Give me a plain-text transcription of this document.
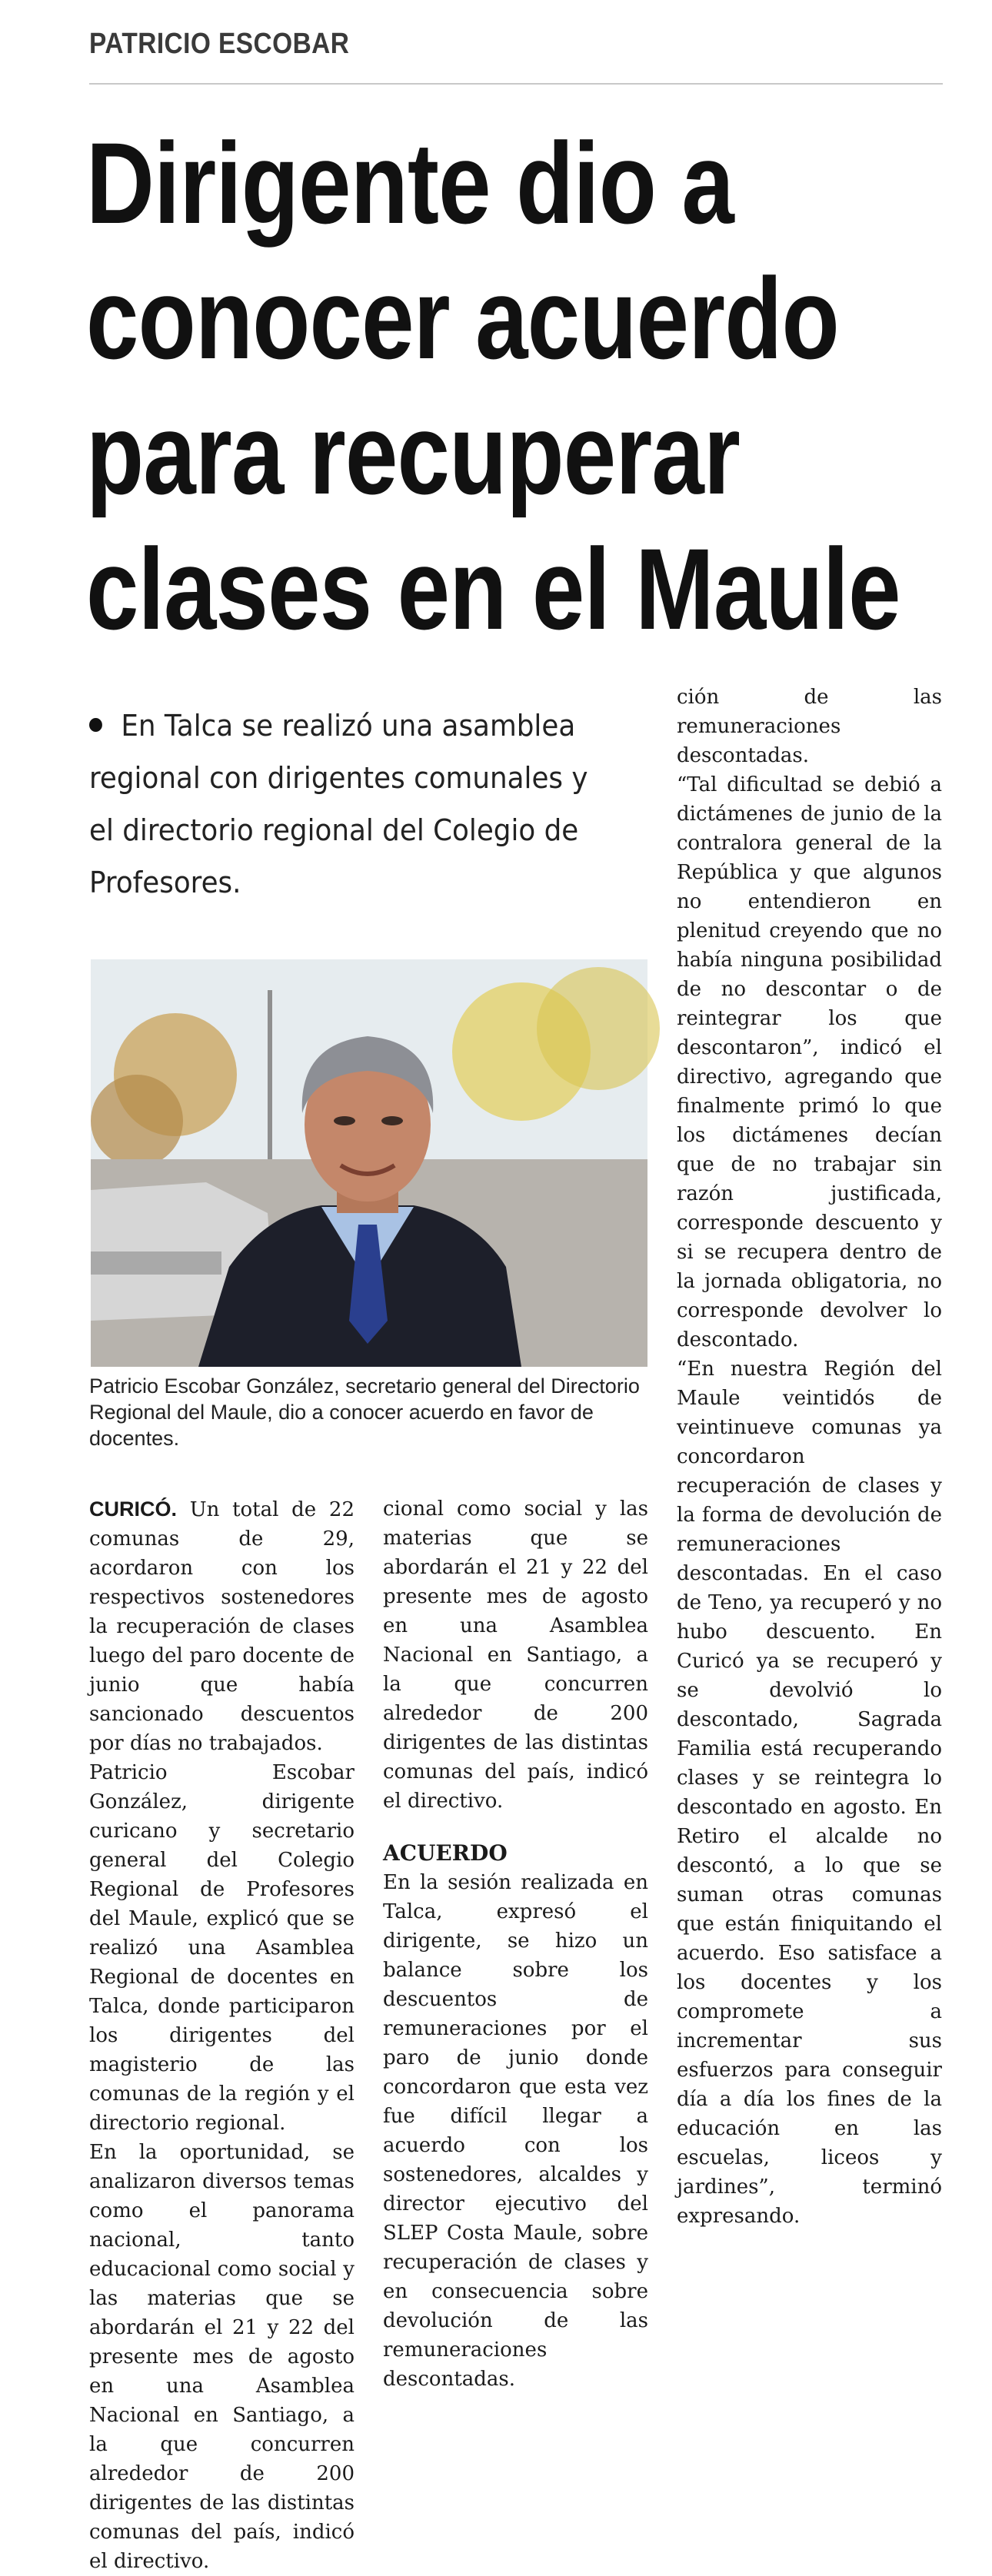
PATRICIO ESCOBAR
Dirigente dio a
conocer acuerdo
para recuperar
clases en el Maule
En Talca se realizó una asamblea regional con dirigentes comunales y el directorio regional del Colegio de Profesores.
Patricio Escobar González, secretario general del Directorio Regional del Maule, dio a conocer acuerdo en favor de docentes.

CURICÓ. Un total de 22 comunas de 29, acordaron con los respectivos sostenedores la recuperación de clases luego del paro docente de junio que había sancionado descuentos por días no trabajados.

Patricio Escobar González, dirigente curicano y secretario general del Colegio Regional de Profesores del Maule, explicó que se realizó una Asamblea Regional de docentes en Talca, donde participaron los dirigentes del magisterio de las comunas de la región y el directorio regional.

En la oportunidad, se analizaron diversos temas como el panorama nacional, tanto educacional como social y las materias que se abordarán el 21 y 22 del presente mes de agosto en una Asamblea Nacional en Santiago, a la que concurren alrededor de 200 dirigentes de las distintas comunas del país, indicó el directivo.

cional como social y las materias que se abordarán el 21 y 22 del presente mes de agosto en una Asamblea Nacional en Santiago, a la que concurren alrededor de 200 dirigentes de las distintas comunas del país, indicó el directivo.

ACUERDO

En la sesión realizada en Talca, expresó el dirigente, se hizo un balance sobre los descuentos de remuneraciones por el paro de junio donde concordaron que esta vez fue difícil llegar a acuerdo con los sostenedores, alcaldes y director ejecutivo del SLEP Costa Maule, sobre recuperación de clases y en consecuencia sobre devolución de las remuneraciones descontadas.

ción de las remuneraciones descontadas.

“Tal dificultad se debió a dictámenes de junio de la contralora general de la República y que algunos no entendieron en plenitud creyendo que no había ninguna posibilidad de no descontar o de reintegrar los que descontaron”, indicó el directivo, agregando que finalmente primó lo que los dictámenes decían que de no trabajar sin razón justificada, corresponde descuento y si se recupera dentro de la jornada obligatoria, no corresponde devolver lo descontado.

“En nuestra Región del Maule veintidós de veintinueve comunas ya concordaron recuperación de clases y la forma de devolución de remuneraciones descontadas. En el caso de Teno, ya recuperó y no hubo descuento. En Curicó ya se recuperó y se devolvió lo descontado, Sagrada Familia está recuperando clases y se reintegra lo descontado en agosto. En Retiro el alcalde no descontó, a lo que se suman otras comunas que están finiquitando el acuerdo. Eso satisface a los docentes y los compromete a incrementar sus esfuerzos para conseguir día a día los fines de la educación en las escuelas, liceos y jardines”, terminó expresando.
